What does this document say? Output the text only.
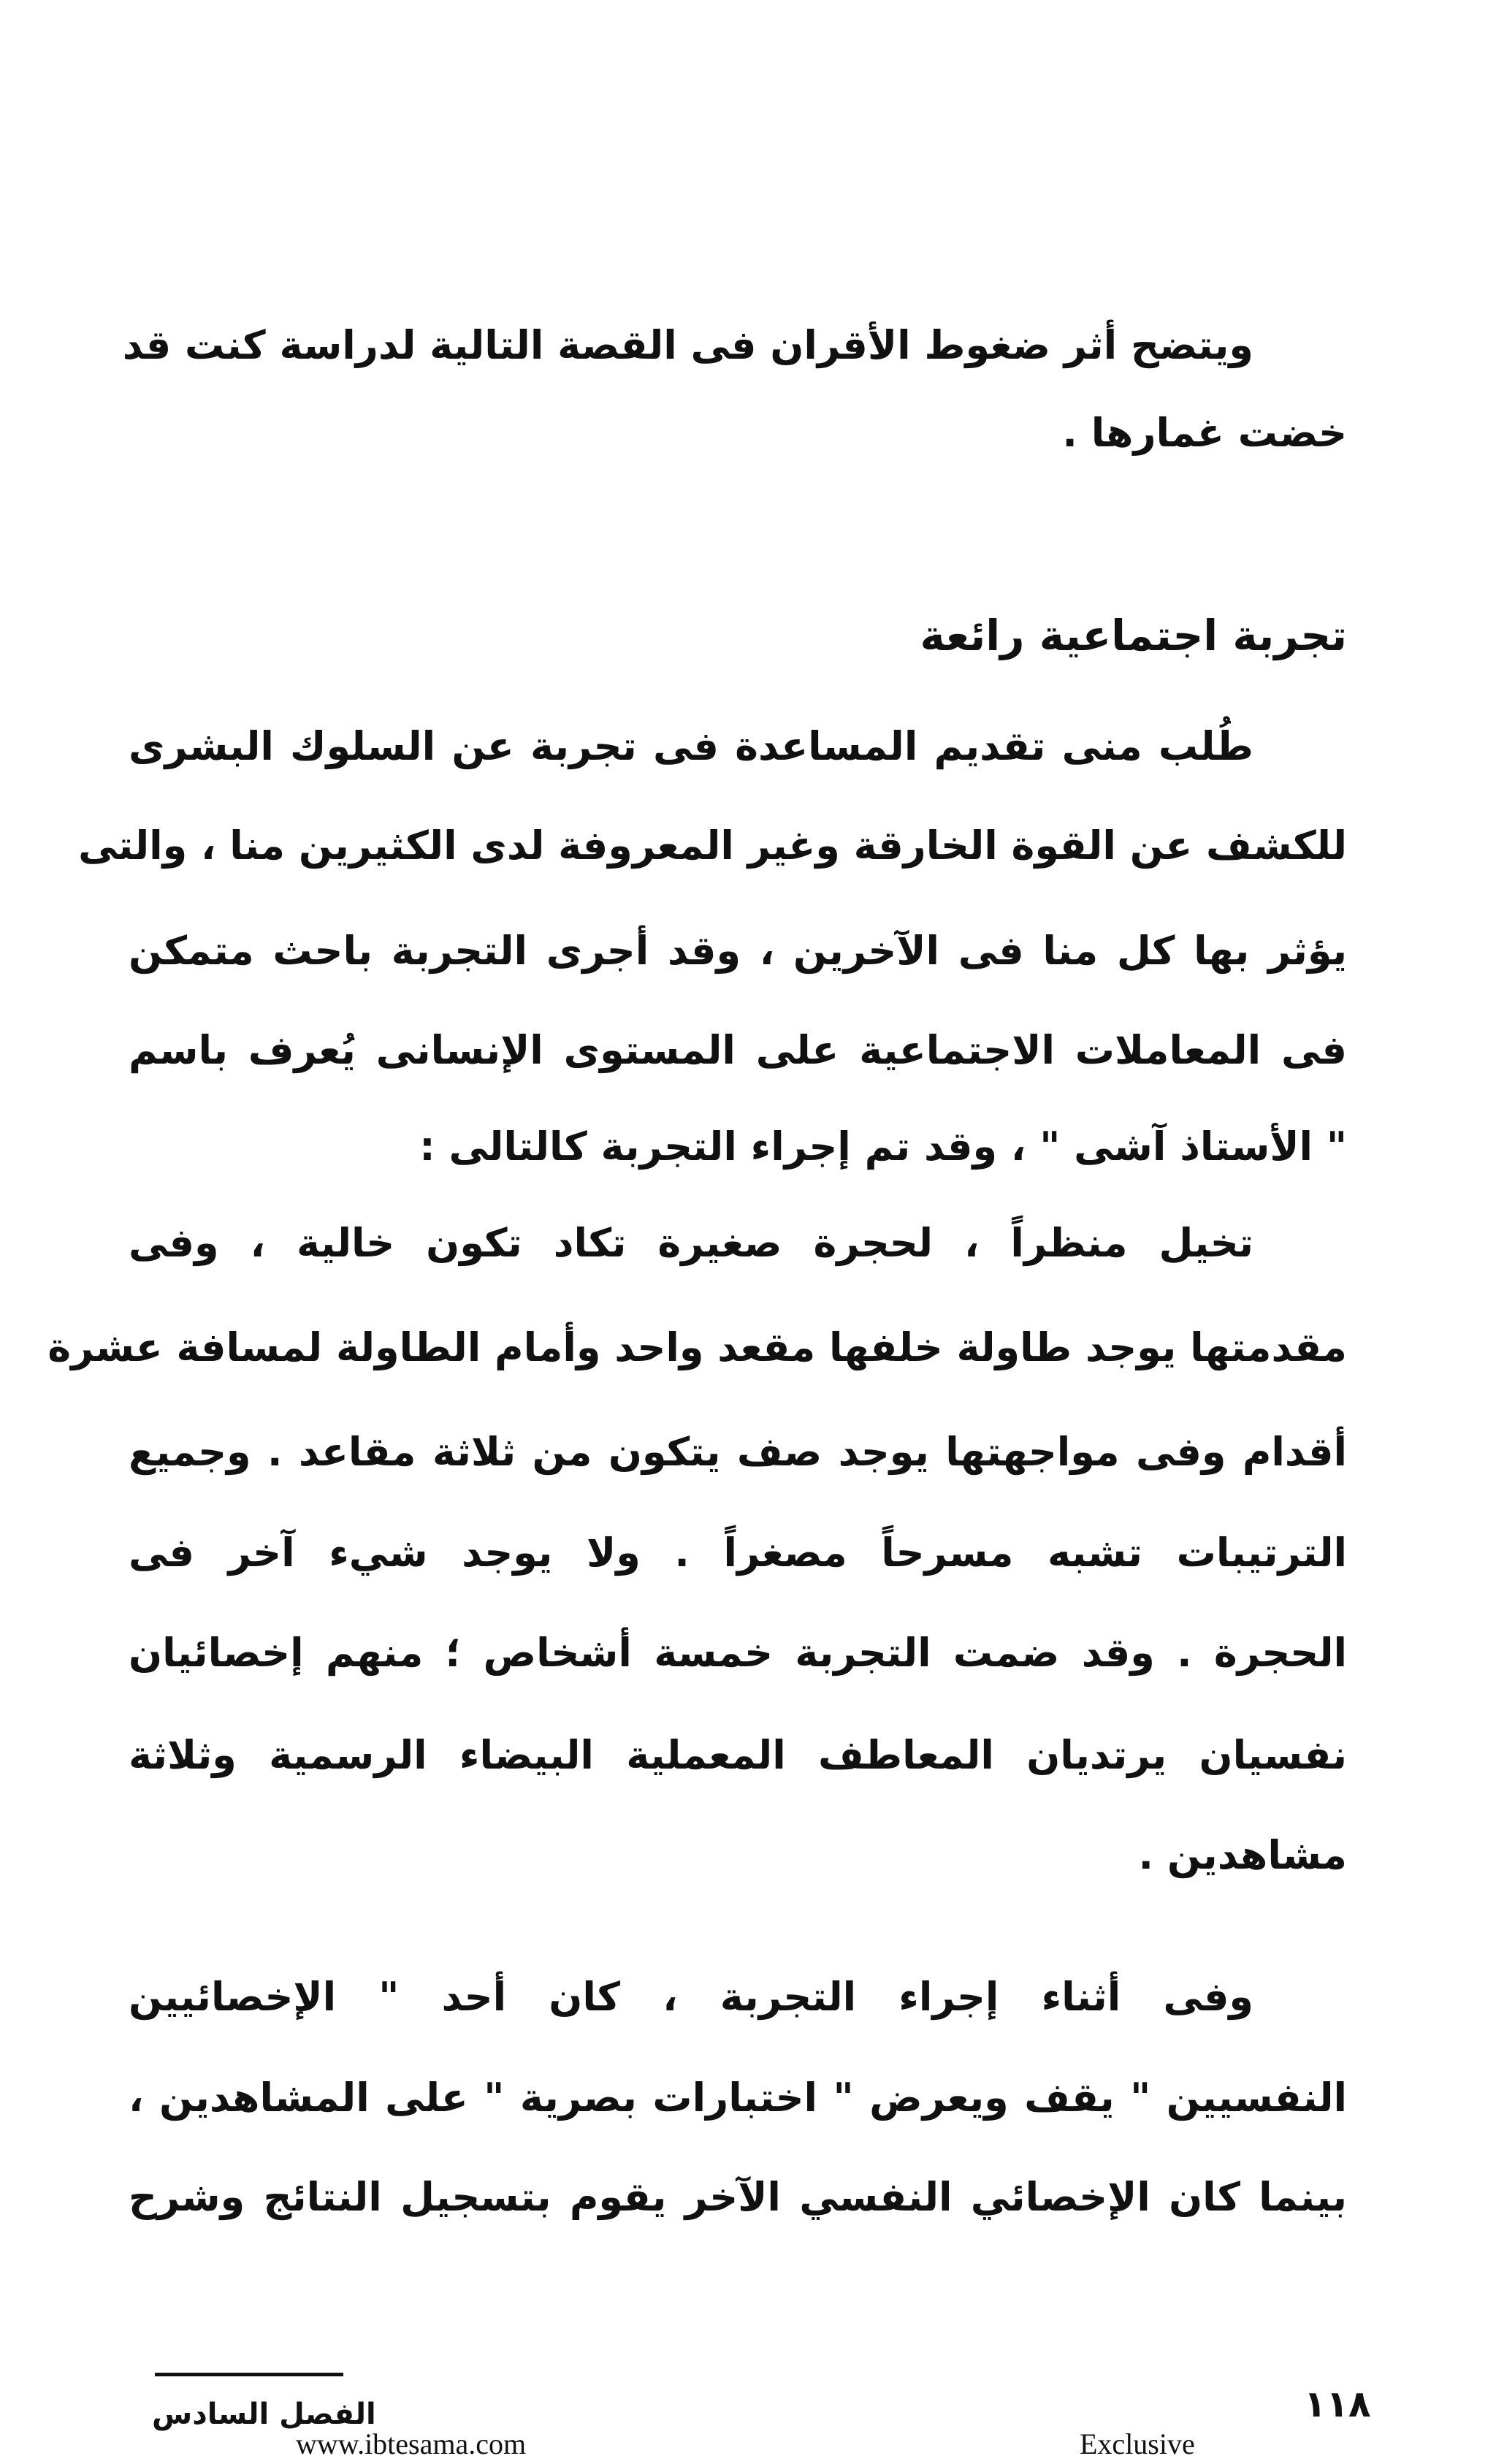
ويتضح أثر ضغوط الأقران فى القصة التالية لدراسة كنت قد
خضت غمارها .
تجربة اجتماعية رائعة
طُلب منى تقديم المساعدة فى تجربة عن السلوك البشرى
للكشف عن القوة الخارقة وغير المعروفة لدى الكثيرين منا ، والتى
يؤثر بها كل منا فى الآخرين ، وقد أجرى التجربة باحث متمكن
فى المعاملات الاجتماعية على المستوى الإنسانى يُعرف باسم
" الأستاذ آشى " ، وقد تم إجراء التجربة كالتالى :
تخيل منظراً ، لحجرة صغيرة تكاد تكون خالية ، وفى
مقدمتها يوجد طاولة خلفها مقعد واحد وأمام الطاولة لمسافة عشرة
أقدام وفى مواجهتها يوجد صف يتكون من ثلاثة مقاعد . وجميع
الترتيبات تشبه مسرحاً مصغراً . ولا يوجد شيء آخر فى
الحجرة . وقد ضمت التجربة خمسة أشخاص ؛ منهم إخصائيان
نفسيان يرتديان المعاطف المعملية البيضاء الرسمية وثلاثة
مشاهدين .
وفى أثناء إجراء التجربة ، كان أحد " الإخصائيين
النفسيين " يقف ويعرض " اختبارات بصرية " على المشاهدين ،
بينما كان الإخصائي النفسي الآخر يقوم بتسجيل النتائج وشرح
الفصل السادس	١١٨
www.ibtesama.com	Exclusive
